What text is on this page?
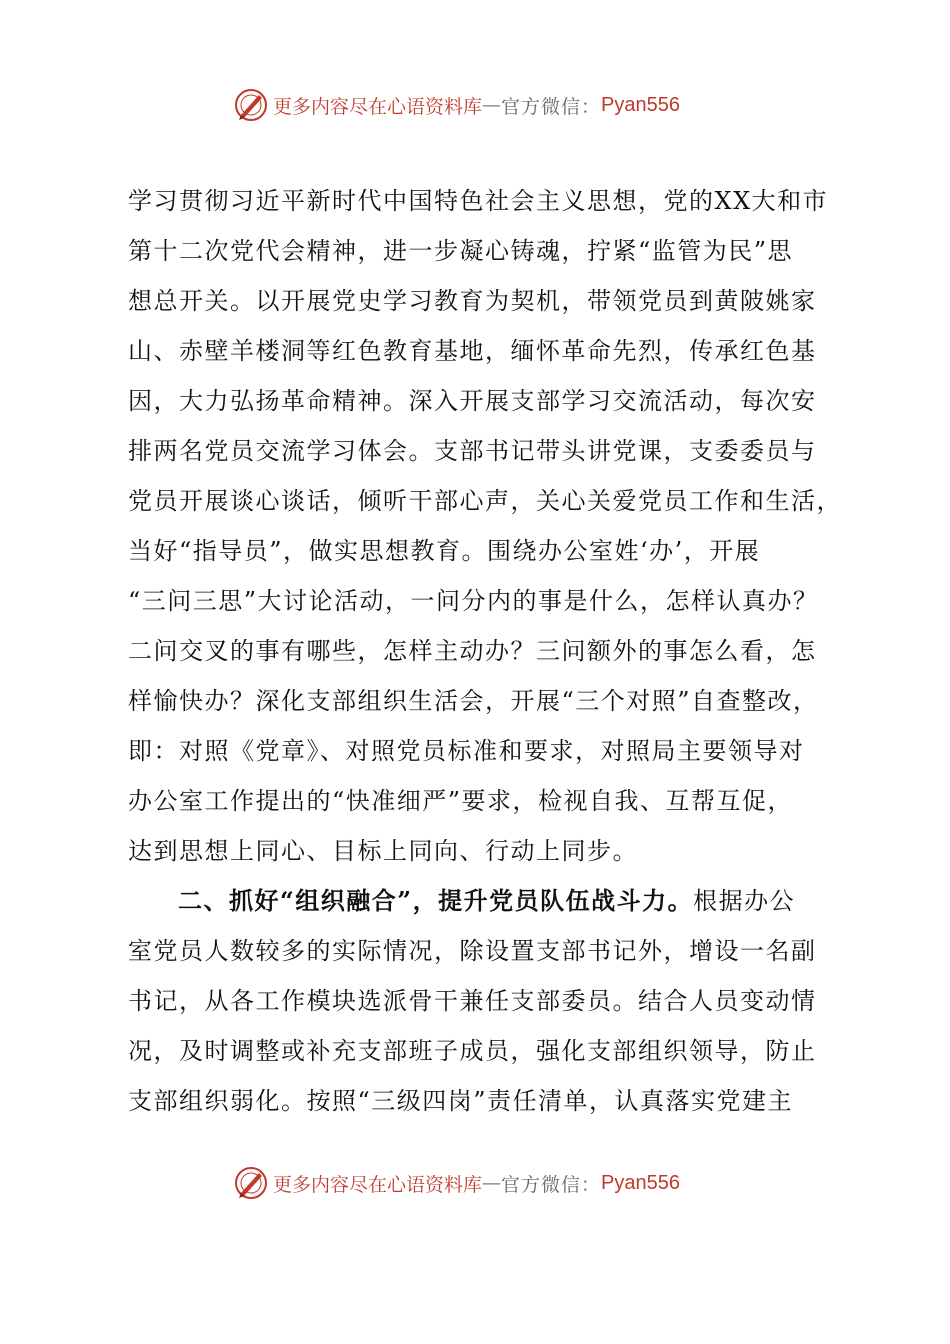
更多内容尽在心语资料库 — 官方微信： Pyan556
学习贯彻习近平新时代中国特色社会主义思想，党的XX大和市
第十二次党代会精神，进一步凝心铸魂，拧紧“监管为民”思
想总开关。以开展党史学习教育为契机，带领党员到黄陂姚家
山、赤壁羊楼洞等红色教育基地，缅怀革命先烈，传承红色基
因，大力弘扬革命精神。深入开展支部学习交流活动，每次安
排两名党员交流学习体会。支部书记带头讲党课，支委委员与
党员开展谈心谈话，倾听干部心声，关心关爱党员工作和生活，
当好“指导员”，做实思想教育。围绕办公室姓‘办’，开展
“三问三思”大讨论活动，一问分内的事是什么，怎样认真办？
二问交叉的事有哪些，怎样主动办？三问额外的事怎么看，怎
样愉快办？深化支部组织生活会，开展“三个对照”自查整改，
即：对照《党章》、对照党员标准和要求，对照局主要领导对
办公室工作提出的“快准细严”要求，检视自我、互帮互促，
达到思想上同心、目标上同向、行动上同步。
二、抓好“组织融合”，提升党员队伍战斗力。根据办公
室党员人数较多的实际情况，除设置支部书记外，增设一名副
书记，从各工作模块选派骨干兼任支部委员。结合人员变动情
况，及时调整或补充支部班子成员，强化支部组织领导，防止
支部组织弱化。按照“三级四岗”责任清单，认真落实党建主
更多内容尽在心语资料库 — 官方微信： Pyan556
